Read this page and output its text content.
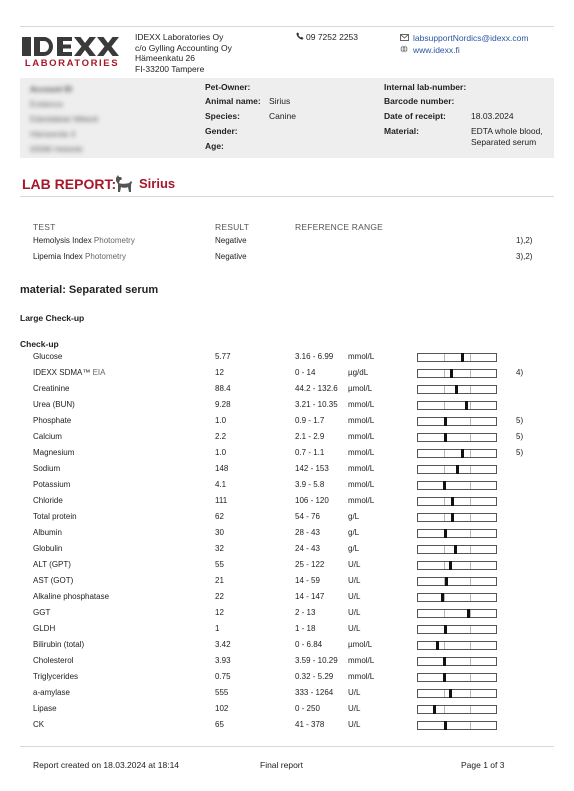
LABORATORIES
IDEXX Laboratories Oy
c/o Gylling Accounting Oy
Hämeenkatu 26
FI-33200 Tampere
09 7252 2253	labsupportNordics@idexx.com
www.idexx.fi
Account ID
Evidence
Eläinlääkäri Mikkeli
Hämeentie 4
00580 Helsinki
Pet-Owner:
Animal name: Sirius
Species:	Canine
Gender:
Age:
Internal lab-number:
Barcode number:
Date of receipt:	18.03.2024
Material:	EDTA whole blood,
Separated serum
LAB REPORT: Sirius
TEST	RESULT	REFERENCE RANGE
Hemolysis Index Photometry	Negative	1),2)
Lipemia Index Photometry	Negative	3),2)
material: Separated serum
Large Check-up
Check-up
Glucose	5.77	3.16 - 6.99 mmol/L
IDEXX SDMA™ EIA	12	0 - 14	µg/dL	4)
Creatinine	88.4	44.2 - 132.6 µmol/L
Urea (BUN)	9.28	3.21 - 10.35 mmol/L
Phosphate	1.0	0.9 - 1.7	mmol/L	5)
Calcium	2.2	2.1 - 2.9	mmol/L	5)
Magnesium	1.0	0.7 - 1.1	mmol/L	5)
Sodium	148	142 - 153 mmol/L
Potassium	4.1	3.9 - 5.8	mmol/L
Chloride	111	106 - 120 mmol/L
Total protein	62	54 - 76	g/L
Albumin	30	28 - 43	g/L
Globulin	32	24 - 43	g/L
ALT (GPT)	55	25 - 122	U/L
AST (GOT)	21	14 - 59	U/L
Alkaline phosphatase	22	14 - 147	U/L
GGT	12	2 - 13	U/L
GLDH	1	1 - 18	U/L
Bilirubin (total)	3.42	0 - 6.84	µmol/L
Cholesterol	3.93	3.59 - 10.29 mmol/L
Triglycerides	0.75	0.32 - 5.29 mmol/L
a-amylase	555	333 - 1264 U/L
Lipase	102	0 - 250	U/L
CK	65	41 - 378	U/L
Report created on 18.03.2024 at 18:14	Final report	Page 1 of 3
